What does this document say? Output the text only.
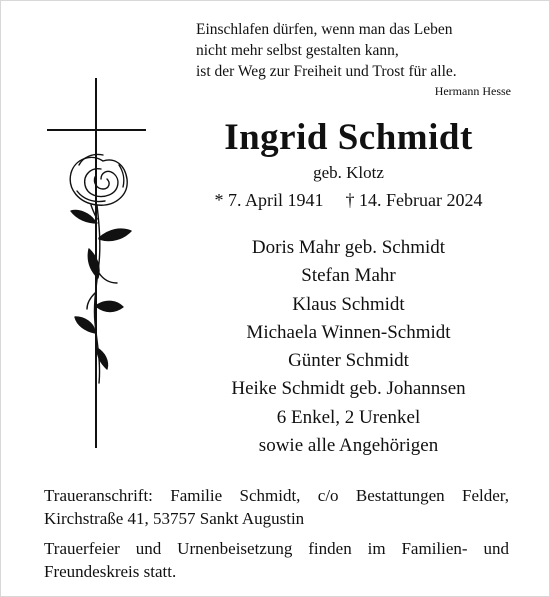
Einschlafen dürfen, wenn man das Leben
nicht mehr selbst gestalten kann,
ist der Weg zur Freiheit und Trost für alle.
Hermann Hesse
Ingrid Schmidt
geb. Klotz
* 7. April 1941 † 14. Februar 2024
Doris Mahr geb. Schmidt
Stefan Mahr
Klaus Schmidt
Michaela Winnen-Schmidt
Günter Schmidt
Heike Schmidt geb. Johannsen
6 Enkel, 2 Urenkel
sowie alle Angehörigen

Traueranschrift: Familie Schmidt, c/o Bestattungen Felder,
Kirchstraße 41, 53757 Sankt Augustin

Trauerfeier und Urnenbeisetzung finden im Familien- und
Freundeskreis statt.
